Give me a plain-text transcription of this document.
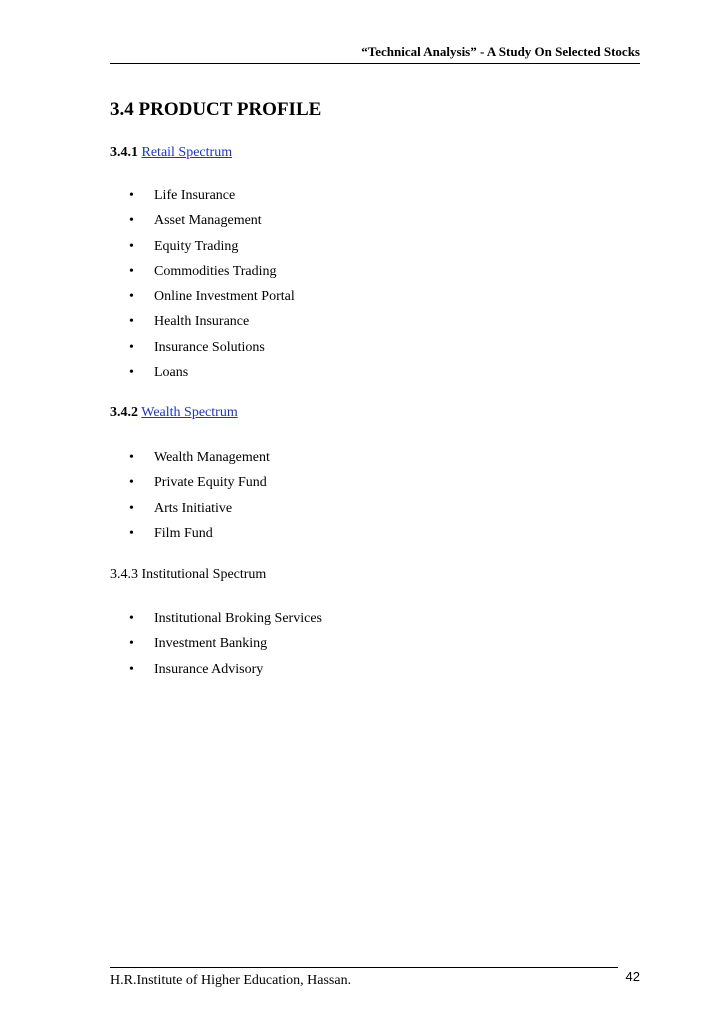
“Technical Analysis” - A Study On Selected Stocks
3.4 PRODUCT PROFILE
3.4.1 Retail Spectrum
• Life Insurance
• Asset Management
• Equity Trading
• Commodities Trading
• Online Investment Portal
• Health Insurance
• Insurance Solutions
• Loans
3.4.2 Wealth Spectrum
• Wealth Management
• Private Equity Fund
• Arts Initiative
• Film Fund
3.4.3 Institutional Spectrum
• Institutional Broking Services
• Investment Banking
• Insurance Advisory
H.R.Institute of Higher Education, Hassan.	42
